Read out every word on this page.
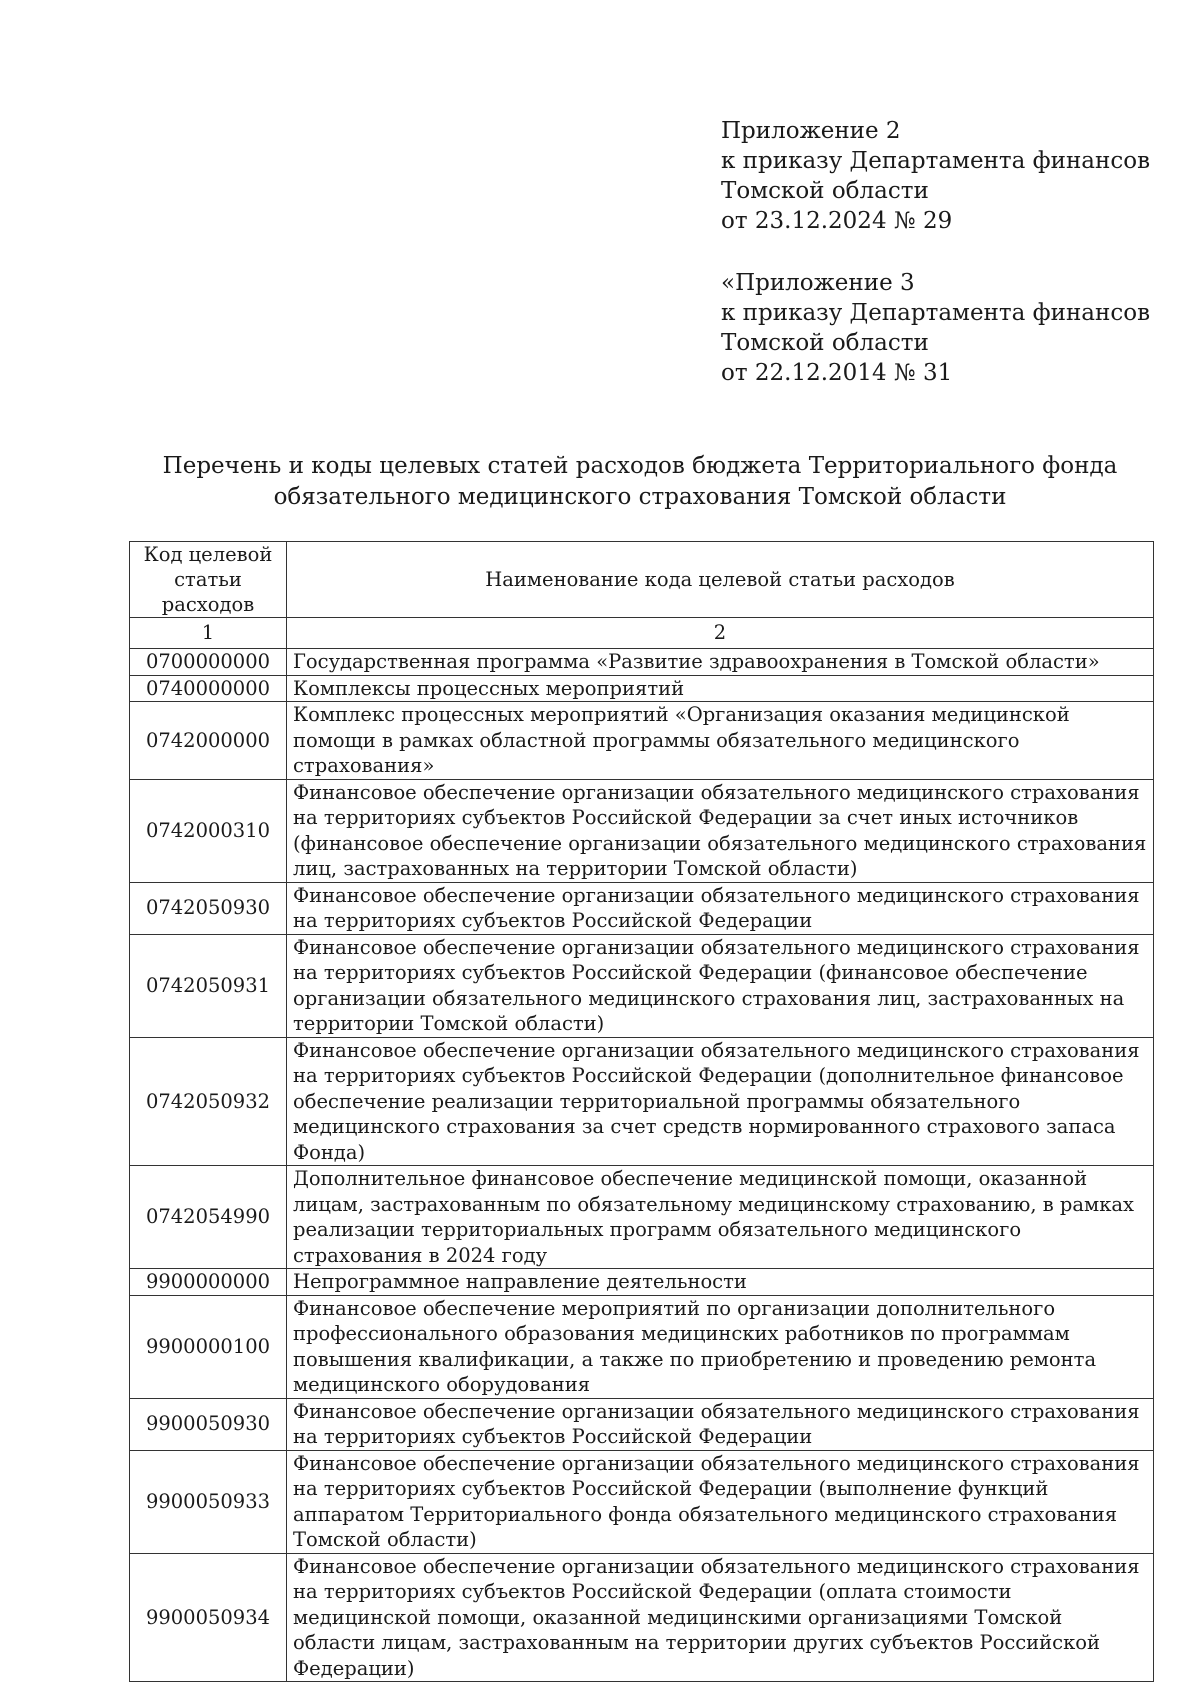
Приложение 2
к приказу Департамента финансов
Томской области
от 23.12.2024 № 29
«Приложение 3
к приказу Департамента финансов
Томской области
от 22.12.2014 № 31
Перечень и коды целевых статей расходов бюджета Территориального фонда
обязательного медицинского страхования Томской области
Код целевой статьи расходов	Наименование кода целевой статьи расходов
1	2
0700000000	Государственная программа «Развитие здравоохранения в Томской области»
0740000000	Комплексы процессных мероприятий
0742000000	Комплекс процессных мероприятий «Организация оказания медицинской помощи в рамках областной программы обязательного медицинского страхования»
0742000310	Финансовое обеспечение организации обязательного медицинского страхования на территориях субъектов Российской Федерации за счет иных источников (финансовое обеспечение организации обязательного медицинского страхования лиц, застрахованных на территории Томской области)
0742050930	Финансовое обеспечение организации обязательного медицинского страхования на территориях субъектов Российской Федерации
0742050931	Финансовое обеспечение организации обязательного медицинского страхования на территориях субъектов Российской Федерации (финансовое обеспечение организации обязательного медицинского страхования лиц, застрахованных на территории Томской области)
0742050932	Финансовое обеспечение организации обязательного медицинского страхования на территориях субъектов Российской Федерации (дополнительное финансовое обеспечение реализации территориальной программы обязательного медицинского страхования за счет средств нормированного страхового запаса Фонда)
0742054990	Дополнительное финансовое обеспечение медицинской помощи, оказанной лицам, застрахованным по обязательному медицинскому страхованию, в рамках реализации территориальных программ обязательного медицинского страхования в 2024 году
9900000000	Непрограммное направление деятельности
9900000100	Финансовое обеспечение мероприятий по организации дополнительного профессионального образования медицинских работников по программам повышения квалификации, а также по приобретению и проведению ремонта медицинского оборудования
9900050930	Финансовое обеспечение организации обязательного медицинского страхования на территориях субъектов Российской Федерации
9900050933	Финансовое обеспечение организации обязательного медицинского страхования на территориях субъектов Российской Федерации (выполнение функций аппаратом Территориального фонда обязательного медицинского страхования Томской области)
9900050934	Финансовое обеспечение организации обязательного медицинского страхования на территориях субъектов Российской Федерации (оплата стоимости медицинской помощи, оказанной медицинскими организациями Томской области лицам, застрахованным на территории других субъектов Российской Федерации)
